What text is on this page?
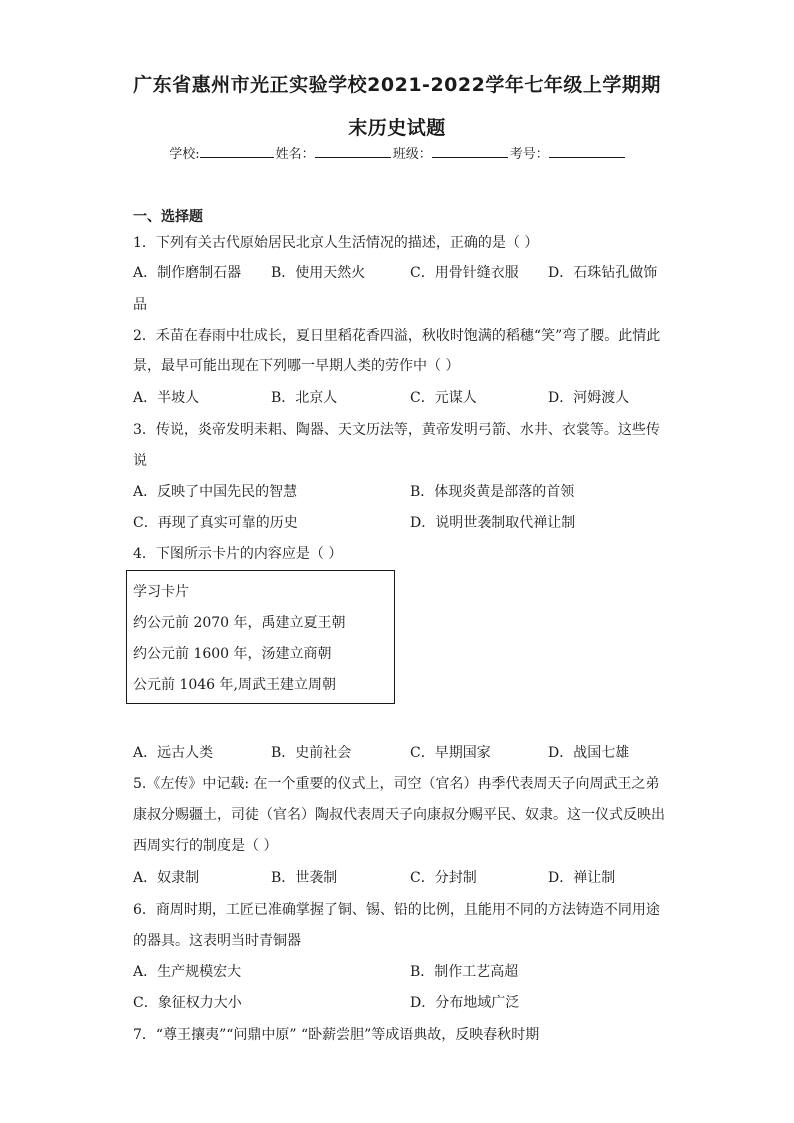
广东省惠州市光正实验学校2021-2022学年七年级上学期期
末历史试题
学校:	姓名：	班级：	考号：
一、选择题
1．下列有关古代原始居民北京人生活情况的描述，正确的是（ ）
A．制作磨制石器 B．使用天然火	C．用骨针缝衣服 D．石珠钻孔做饰
品
2．禾苗在春雨中壮成长，夏日里稻花香四溢，秋收时饱满的稻穗“笑”弯了腰。此情此
景，最早可能出现在下列哪一早期人类的劳作中（ ）
A．半坡人	B．北京人	C．元谋人	D．河姆渡人
3．传说，炎帝发明耒耜、陶器、天文历法等，黄帝发明弓箭、水井、衣裳等。这些传
说
A．反映了中国先民的智慧	B．体现炎黄是部落的首领
C．再现了真实可靠的历史	D．说明世袭制取代禅让制
4．下图所示卡片的内容应是（ ）
学习卡片
约公元前 2070 年，禹建立夏王朝
约公元前 1600 年，汤建立商朝
公元前 1046 年,周武王建立周朝
A．远古人类	B．史前社会	C．早期国家	D．战国七雄
5.《左传》中记载: 在一个重要的仪式上，司空（官名）冉季代表周天子向周武王之弟
康叔分赐疆土，司徒（官名）陶叔代表周天子向康叔分赐平民、奴隶。这一仪式反映出
西周实行的制度是（ ）
A．奴隶制	B．世袭制	C．分封制	D．禅让制
6．商周时期，工匠已准确掌握了铜、锡、铅的比例，且能用不同的方法铸造不同用途
的器具。这表明当时青铜器
A．生产规模宏大	B．制作工艺高超
C．象征权力大小	D．分布地域广泛
7．“尊王攘夷”“问鼎中原” “卧薪尝胆”等成语典故，反映春秋时期
